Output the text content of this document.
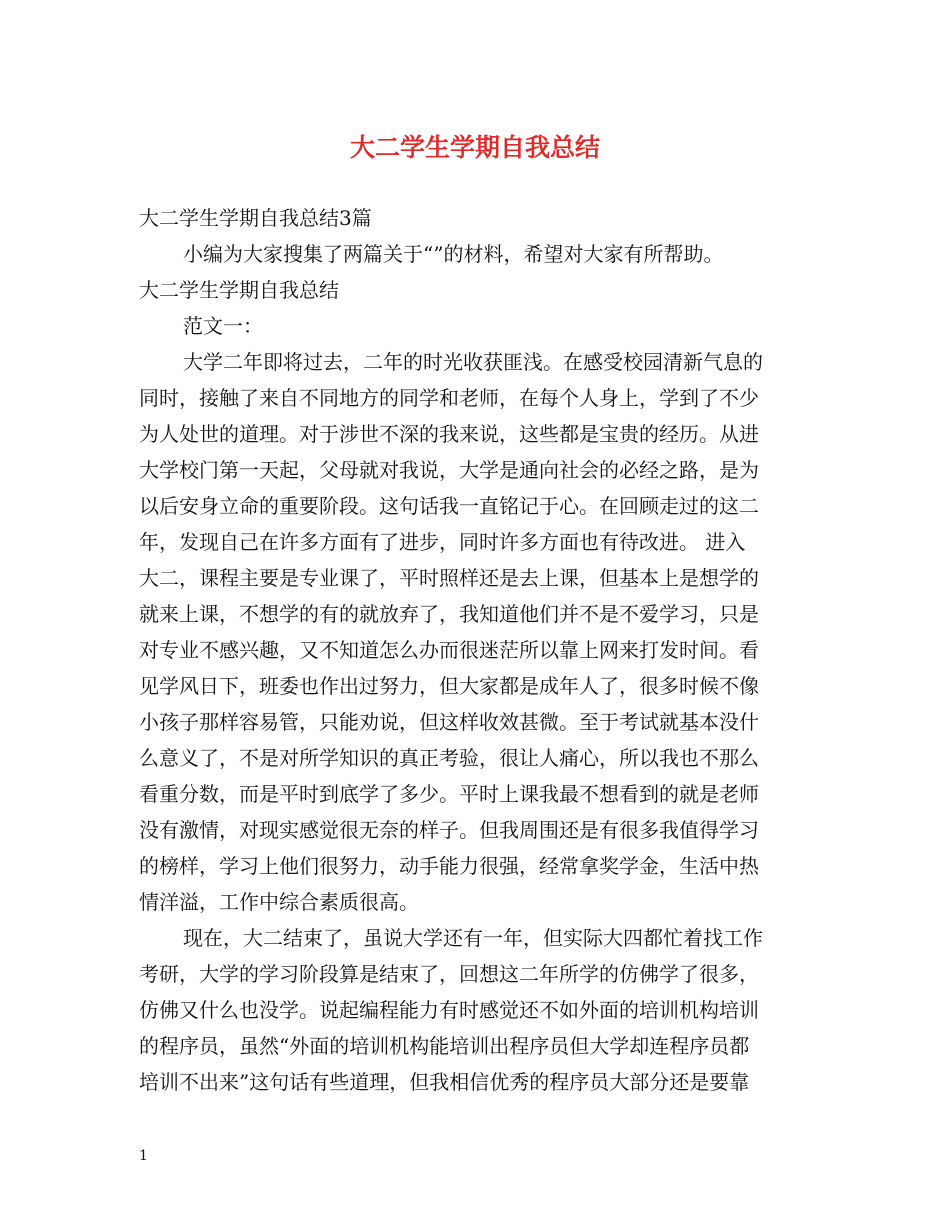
大二学生学期自我总结
大二学生学期自我总结3篇
小编为大家搜集了两篇关于“”的材料，希望对大家有所帮助。
大二学生学期自我总结
范文一：
大学二年即将过去，二年的时光收获匪浅。在感受校园清新气息的
同时，接触了来自不同地方的同学和老师，在每个人身上，学到了不少
为人处世的道理。对于涉世不深的我来说，这些都是宝贵的经历。从进
大学校门第一天起，父母就对我说，大学是通向社会的必经之路，是为
以后安身立命的重要阶段。这句话我一直铭记于心。在回顾走过的这二
年，发现自己在许多方面有了进步，同时许多方面也有待改进。 进入
大二，课程主要是专业课了，平时照样还是去上课，但基本上是想学的
就来上课，不想学的有的就放弃了，我知道他们并不是不爱学习，只是
对专业不感兴趣，又不知道怎么办而很迷茫所以靠上网来打发时间。看
见学风日下，班委也作出过努力，但大家都是成年人了，很多时候不像
小孩子那样容易管，只能劝说，但这样收效甚微。至于考试就基本没什
么意义了，不是对所学知识的真正考验，很让人痛心，所以我也不那么
看重分数，而是平时到底学了多少。平时上课我最不想看到的就是老师
没有激情，对现实感觉很无奈的样子。但我周围还是有很多我值得学习
的榜样，学习上他们很努力，动手能力很强，经常拿奖学金，生活中热
情洋溢，工作中综合素质很高。
现在，大二结束了，虽说大学还有一年，但实际大四都忙着找工作
考研，大学的学习阶段算是结束了，回想这二年所学的仿佛学了很多，
仿佛又什么也没学。说起编程能力有时感觉还不如外面的培训机构培训
的程序员，虽然“外面的培训机构能培训出程序员但大学却连程序员都
培训不出来”这句话有些道理，但我相信优秀的程序员大部分还是要靠
1
